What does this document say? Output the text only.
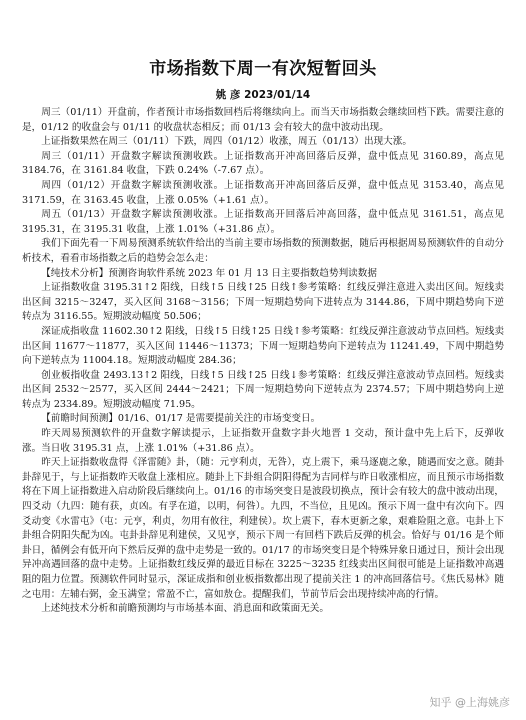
市场指数下周一有次短暂回头
姚 彦 2023/01/14

周三（01/11）开盘前，作者预计市场指数回档后将继续向上。而当天市场指数会继续回档下跌。需要注意的是，01/12 的收盘会与 01/11 的收盘状态相反；而 01/13 会有较大的盘中波动出现。

上证指数果然在周三（01/11）下跌，周四（01/12）收涨，周五（01/13）出现大涨。

周三（01/11）开盘数字解读预测收跌。上证指数高开冲高回落后反弹，盘中低点见 3160.89，高点见 3184.76，在 3161.84 收盘，下跌 0.24%（-7.67 点）。

周四（01/12）开盘数字解读预测收涨。上证指数高开冲高回落后反弹，盘中低点见 3153.40，高点见 3171.59，在 3163.45 收盘，上涨 0.05%（+1.61 点）。

周五（01/13）开盘数字解读预测收涨。上证指数高开回落后冲高回落，盘中低点见 3161.51，高点见 3195.31，在 3195.31 收盘，上涨 1.01%（+31.86 点）。

我们下面先看一下周易预测系统软件给出的当前主要市场指数的预测数据，随后再根据周易预测软件的自动分析技术，看看市场指数之后的趋势会怎么走：

【纯技术分析】预测咨询软件系统 2023 年 01 月 13 日主要指数趋势判读数据

上证指数收盘 3195.31↑2 阳线，日线↑5 日线↑25 日线↑参考策略：红线反弹注意进入卖出区间。短线卖出区间 3215～3247，买入区间 3168～3156；下周一短期趋势向下进转点为 3144.86，下周中期趋势向下逆转点为 3116.55。短期波动幅度 50.506；

深证成指收盘 11602.30↑2 阳线，日线↑5 日线↑25 日线↑参考策略：红线反弹注意波动节点回档。短线卖出区间 11677～11877，买入区间 11446～11373；下周一短期趋势向下逆转点为 11241.49，下周中期趋势向下逆转点为 11004.18。短期波动幅度 284.36；

创业板指收盘 2493.13↑2 阳线，日线↑5 日线↑25 日线↓参考策略：红线反弹注意波动节点回档。短线卖出区间 2532～2577，买入区间 2444～2421；下周一短期趋势向下逆转点为 2374.57；下周中期趋势向上逆转点为 2334.89。短期波动幅度 71.95。

【前瞻时间预测】01/16、01/17 是需要提前关注的市场变变日。

昨天周易预测软件的开盘数字解读提示，上证指数开盘数字卦火地晋 1 交动，预计盘中先上后下，反弹收涨。当日收 3195.31 点，上涨 1.01%（+31.86 点）。

昨天上证指数收盘得《泽雷随》卦，（随：元亨利贞，无咎），克上震下，乘马逐鹿之象，随遇而安之意。随卦卦辞见于，与上证指数昨天收盘上涨相应。随卦上下卦组合阴阳得配为吉同样与昨日收涨相应，而且预示市场指数将在下周上证指数进入启动阶段后继续向上。01/16 的市场突变日是波段切换点，预计会有较大的盘中波动出现，四爻动（九四：随有获，贞凶。有孚在道，以明，何咎）。九四，不当位，且见凶。预示下周一盘中有次向下。四爻动变《水雷屯》（屯：元亨，利贞，勿用有攸往，利建侯）。坎上震下，春木更新之象，艰难险阻之意。屯卦上下卦组合阴阳失配为凶。屯卦卦辞见利建侯，又见亨，预示下周一有回档下跌后反弹的机会。恰好与 01/16 是个师卦日，循例会有低开向下然后反弹的盘中走势是一致的。01/17 的市场突变日是个特殊异象日通过日，预计会出现异冲高遇回落的盘中走势。上证指数红线反弹的最近目标在 3225～3235 红线卖出区间很可能是上证指数冲高遇阻的阻力位置。预测软件同时显示，深证成指和创业板指数都出现了提前关注 1 的冲高回落信号。《焦氏易林》随之屯用：左辅右弼，金玉满堂；常盈不亡，富如敖仓。提醒我们，节前节后会出现持续冲高的行情。

上述纯技术分析和前瞻预测均与市场基本面、消息面和政策面无关。

知乎 @上海姚彦
